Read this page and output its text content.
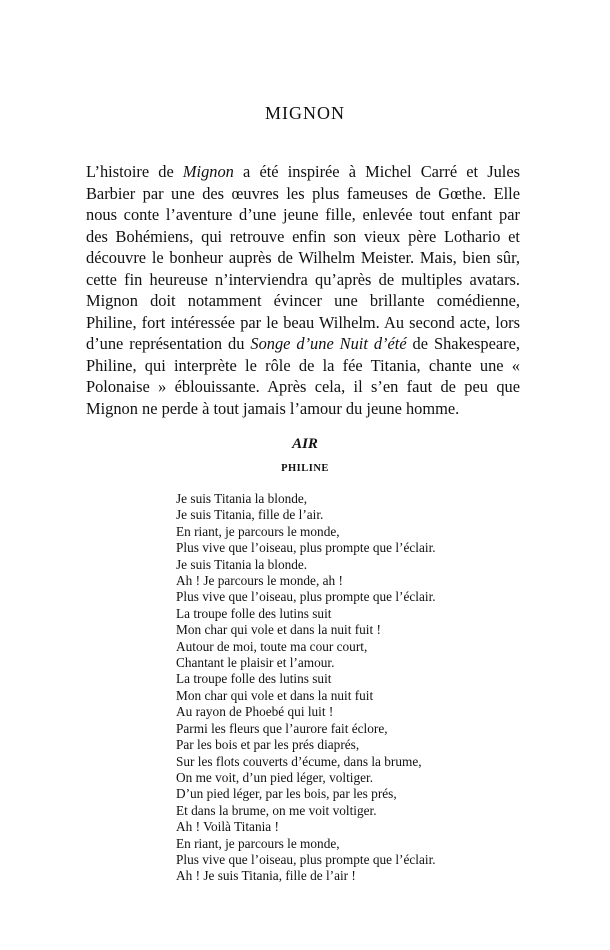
MIGNON

L’histoire de Mignon a été inspirée à Michel Carré et Jules Barbier par une des œuvres les plus fameuses de Gœthe. Elle nous conte l’aventure d’une jeune fille, enlevée tout enfant par des Bohémiens, qui retrouve enfin son vieux père Lothario et découvre le bonheur auprès de Wilhelm Meister. Mais, bien sûr, cette fin heureuse n’interviendra qu’après de multiples avatars. Mignon doit notamment évincer une brillante comédienne, Philine, fort intéressée par le beau Wilhelm. Au second acte, lors d’une représentation du Songe d’une Nuit d’été de Shakespeare, Philine, qui interprète le rôle de la fée Titania, chante une « Polonaise » éblouissante. Après cela, il s’en faut de peu que Mignon ne perde à tout jamais l’amour du jeune homme.

AIR
PHILINE
Je suis Titania la blonde,
Je suis Titania, fille de l’air.
En riant, je parcours le monde,
Plus vive que l’oiseau, plus prompte que l’éclair.
Je suis Titania la blonde.
Ah ! Je parcours le monde, ah !
Plus vive que l’oiseau, plus prompte que l’éclair.
La troupe folle des lutins suit
Mon char qui vole et dans la nuit fuit !
Autour de moi, toute ma cour court,
Chantant le plaisir et l’amour.
La troupe folle des lutins suit
Mon char qui vole et dans la nuit fuit
Au rayon de Phoebé qui luit !
Parmi les fleurs que l’aurore fait éclore,
Par les bois et par les prés diaprés,
Sur les flots couverts d’écume, dans la brume,
On me voit, d’un pied léger, voltiger.
D’un pied léger, par les bois, par les prés,
Et dans la brume, on me voit voltiger.
Ah ! Voilà Titania !
En riant, je parcours le monde,
Plus vive que l’oiseau, plus prompte que l’éclair.
Ah ! Je suis Titania, fille de l’air !
